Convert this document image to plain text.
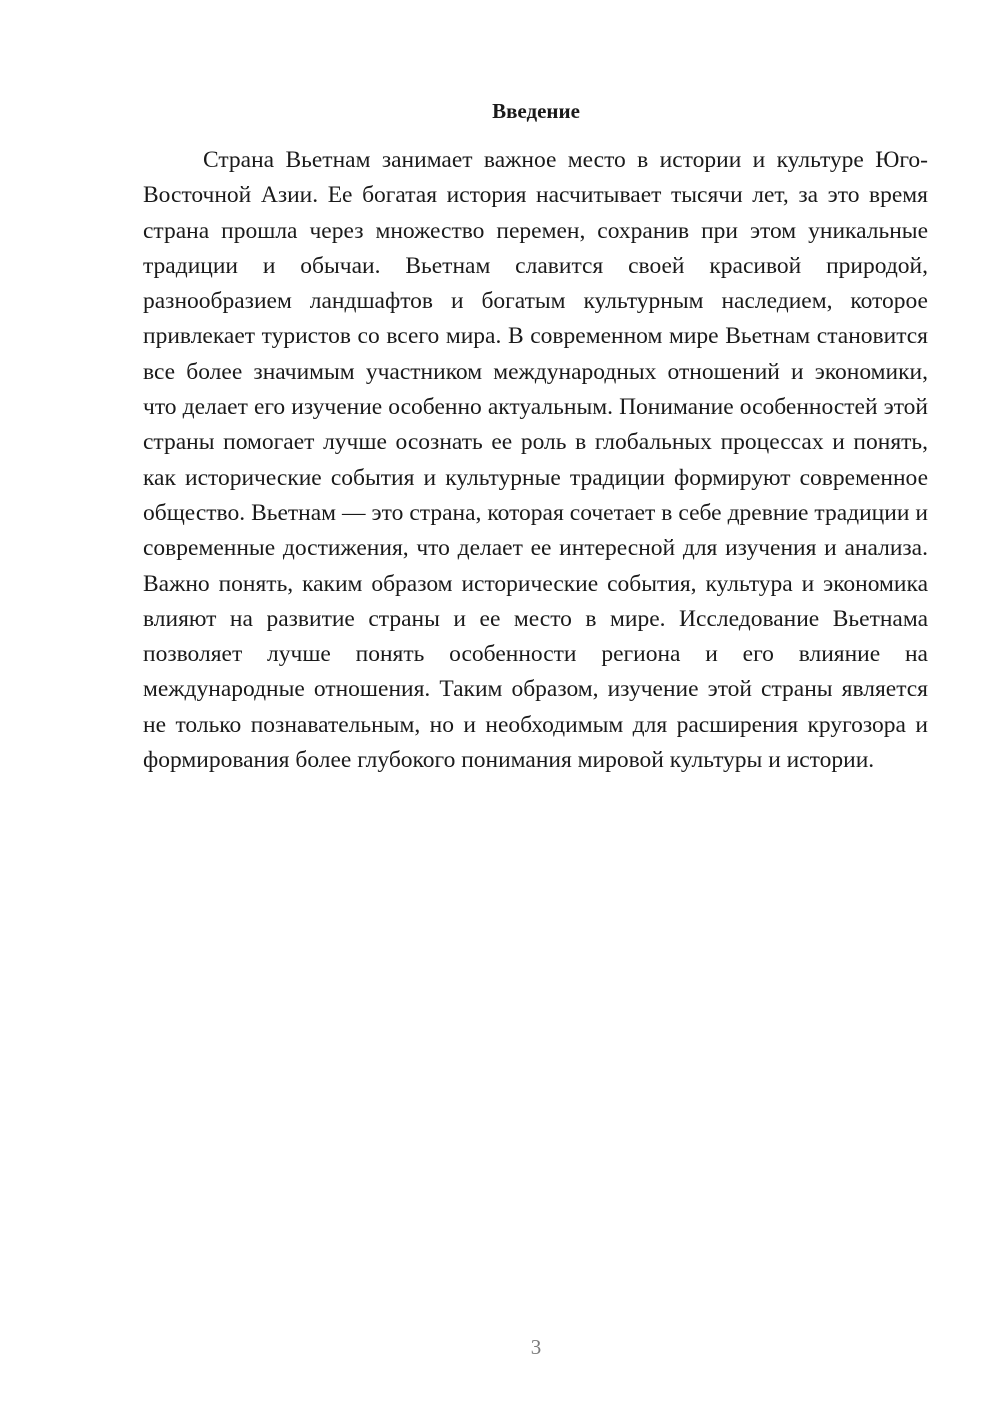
Введение

Страна Вьетнам занимает важное место в истории и культуре Юго-Восточной Азии. Ее богатая история насчитывает тысячи лет, за это время страна прошла через множество перемен, сохранив при этом уникальные традиции и обычаи. Вьетнам славится своей красивой природой, разнообразием ландшафтов и богатым культурным наследием, которое привлекает туристов со всего мира. В современном мире Вьетнам становится все более значимым участником международных отношений и экономики, что делает его изучение особенно актуальным. Понимание особенностей этой страны помогает лучше осознать ее роль в глобальных процессах и понять, как исторические события и культурные традиции формируют современное общество. Вьетнам — это страна, которая сочетает в себе древние традиции и современные достижения, что делает ее интересной для изучения и анализа. Важно понять, каким образом исторические события, культура и экономика влияют на развитие страны и ее место в мире. Исследование Вьетнама позволяет лучше понять особенности региона и его влияние на международные отношения. Таким образом, изучение этой страны является не только познавательным, но и необходимым для расширения кругозора и формирования более глубокого понимания мировой культуры и истории.

3
